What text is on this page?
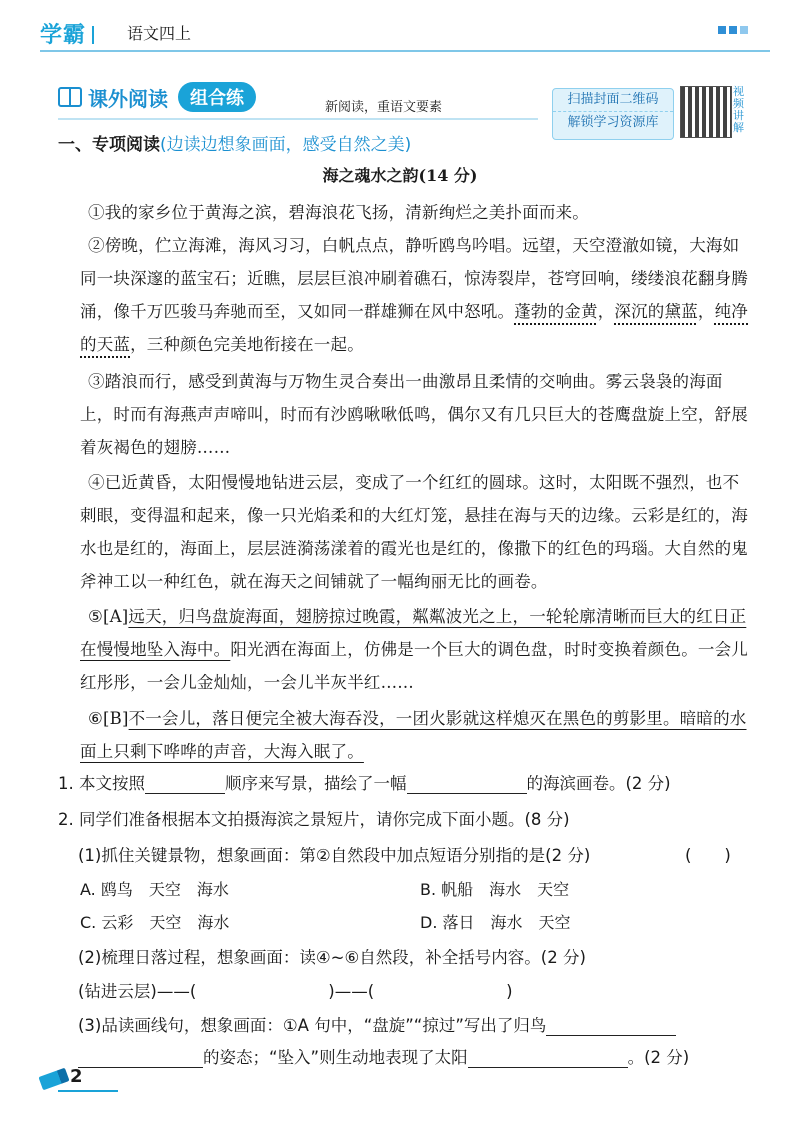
学霸	语文四上
课外阅读	组合练	新阅读，重语文要素
扫描封面二维码
解锁学习资源库
视频讲解
一、专项阅读(边读边想象画面，感受自然之美)
海之魂水之韵(14 分)
①我的家乡位于黄海之滨，碧海浪花飞扬，清新绚烂之美扑面而来。
②傍晚，伫立海滩，海风习习，白帆点点，静听鸥鸟吟唱。远望，天空澄澈如镜，大海如同一块深邃的蓝宝石；近瞧，层层巨浪冲刷着礁石，惊涛裂岸，苍穹回响，缕缕浪花翻身腾涌，像千万匹骏马奔驰而至，又如同一群雄狮在风中怒吼。蓬勃的金黄，深沉的黛蓝，纯净的天蓝，三种颜色完美地衔接在一起。
③踏浪而行，感受到黄海与万物生灵合奏出一曲激昂且柔情的交响曲。雾云袅袅的海面上，时而有海燕声声啼叫，时而有沙鸥啾啾低鸣，偶尔又有几只巨大的苍鹰盘旋上空，舒展着灰褐色的翅膀……
④已近黄昏，太阳慢慢地钻进云层，变成了一个红红的圆球。这时，太阳既不强烈，也不刺眼，变得温和起来，像一只光焰柔和的大红灯笼，悬挂在海与天的边缘。云彩是红的，海水也是红的，海面上，层层涟漪荡漾着的霞光也是红的，像撒下的红色的玛瑙。大自然的鬼斧神工以一种红色，就在海天之间铺就了一幅绚丽无比的画卷。
⑤[A]远天，归鸟盘旋海面，翅膀掠过晚霞，粼粼波光之上，一轮轮廓清晰而巨大的红日正在慢慢地坠入海中。阳光洒在海面上，仿佛是一个巨大的调色盘，时时变换着颜色。一会儿红彤彤，一会儿金灿灿，一会儿半灰半红……
⑥[B]不一会儿，落日便完全被大海吞没，一团火影就这样熄灭在黑色的剪影里。暗暗的水面上只剩下哗哗的声音，大海入眠了。
1. 本文按照	顺序来写景，描绘了一幅	的海滨画卷。(2 分)
2. 同学们准备根据本文拍摄海滨之景短片，请你完成下面小题。(8 分)
(1)抓住关键景物，想象画面：第②自然段中加点短语分别指的是(2 分)	(　　)
A. 鸥鸟　天空　海水	B. 帆船　海水　天空
C. 云彩　天空　海水	D. 落日　海水　天空
(2)梳理日落过程，想象画面：读④~⑥自然段，补全括号内容。(2 分)
(钻进云层)——(　　　　　　　　)——(　　　　　　　　)
(3)品读画线句，想象画面：①A 句中，“盘旋”“掠过”写出了归鸟
的姿态；“坠入”则生动地表现了太阳	。(2 分)
2
